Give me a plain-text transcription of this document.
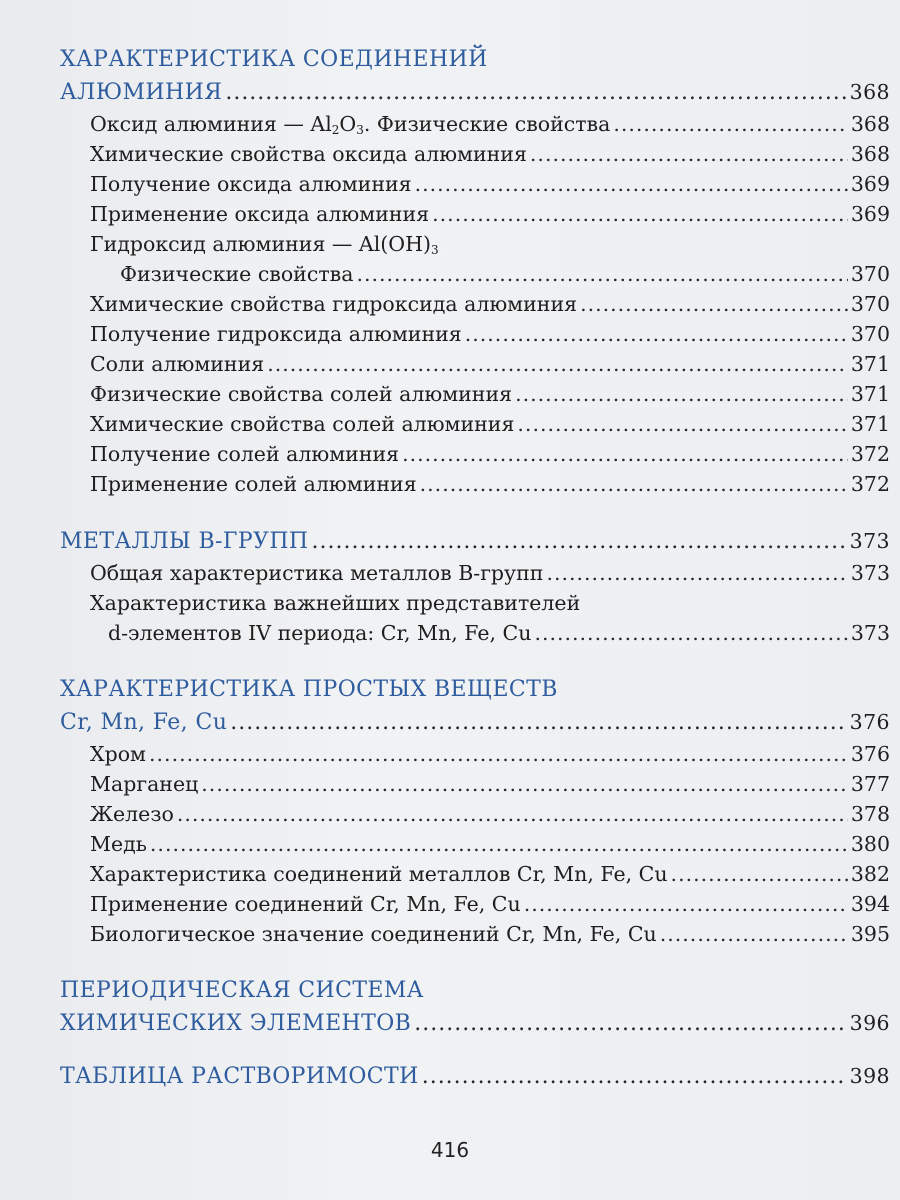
ХАРАКТЕРИСТИКА СОЕДИНЕНИЙ
АЛЮМИНИЯ .....	368
Оксид алюминия — $Al_2O_3$. Физические свойства .....	368
Химические свойства оксида алюминия .....	368
Получение оксида алюминия .....	369
Применение оксида алюминия .....	369
Гидроксид алюминия — $Al(OH)_3$
Физические свойства .....	370
Химические свойства гидроксида алюминия .....	370
Получение гидроксида алюминия .....	370
Соли алюминия .....	371
Физические свойства солей алюминия .....	371
Химические свойства солей алюминия .....	371
Получение солей алюминия .....	372
Применение солей алюминия .....	372
МЕТАЛЛЫ В-ГРУПП .....	373
Общая характеристика металлов В-групп .....	373
Характеристика важнейших представителей
d-элементов IV периода: Cr, Mn, Fe, Cu .....	373
ХАРАКТЕРИСТИКА ПРОСТЫХ ВЕЩЕСТВ
Cr, Mn, Fe, Cu .....	376
Хром .....	376
Марганец .....	377
Железо .....	378
Медь .....	380
Характеристика соединений металлов Cr, Mn, Fe, Cu .....	382
Применение соединений Cr, Mn, Fe, Cu .....	394
Биологическое значение соединений Cr, Mn, Fe, Cu .....	395
ПЕРИОДИЧЕСКАЯ СИСТЕМА
ХИМИЧЕСКИХ ЭЛЕМЕНТОВ .....	396
ТАБЛИЦА РАСТВОРИМОСТИ .....	398
416
